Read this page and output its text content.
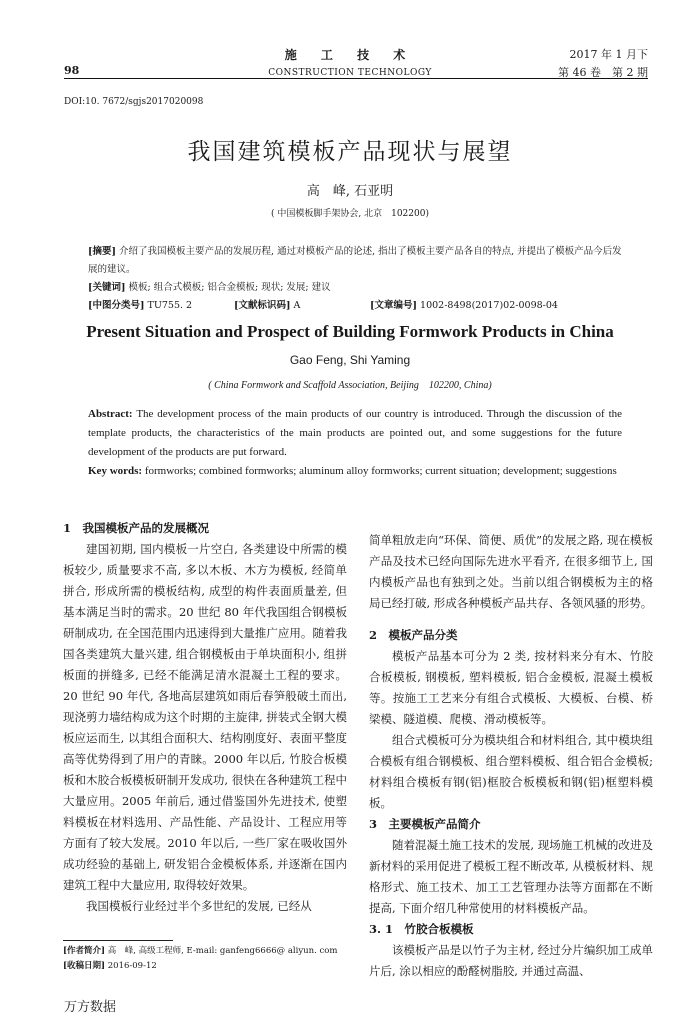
98
施 工 技 术
CONSTRUCTION TECHNOLOGY
2017 年 1 月下
第 46 卷　第 2 期
DOI:10. 7672/sgjs2017020098
我国建筑模板产品现状与展望
高　峰, 石亚明
( 中国模板脚手架协会, 北京　102200)
[摘要] 介绍了我国模板主要产品的发展历程, 通过对模板产品的论述, 指出了模板主要产品各自的特点, 并提出了模板产品今后发展的建议。
[关键词] 模板; 组合式模板; 铝合金模板; 现状; 发展; 建议
[中图分类号] TU755. 2	[文献标识码] A	[文章编号] 1002-8498(2017)02-0098-04
Present Situation and Prospect of Building Formwork Products in China
Gao Feng, Shi Yaming
( China Formwork and Scaffold Association, Beijing　102200, China)
Abstract: The development process of the main products of our country is introduced. Through the discussion of the template products, the characteristics of the main products are pointed out, and some suggestions for the future development of the products are put forward.
Key words: formworks; combined formworks; aluminum alloy formworks; current situation; development; suggestions

1　我国模板产品的发展概况

建国初期, 国内模板一片空白, 各类建设中所需的模板较少, 质量要求不高, 多以木板、木方为模板, 经简单拼合, 形成所需的模板结构, 成型的构件表面质量差, 但基本满足当时的需求。20 世纪 80 年代我国组合钢模板研制成功, 在全国范围内迅速得到大量推广应用。随着我国各类建筑大量兴建, 组合钢模板由于单块面积小, 组拼板面的拼缝多, 已经不能满足清水混凝土工程的要求。20 世纪 90 年代, 各地高层建筑如雨后春笋般破土而出, 现浇剪力墙结构成为这个时期的主旋律, 拼装式全钢大模板应运而生, 以其组合面积大、结构刚度好、表面平整度高等优势得到了用户的青睐。2000 年以后, 竹胶合板模板和木胶合板模板研制开发成功, 很快在各种建筑工程中大量应用。2005 年前后, 通过借鉴国外先进技术, 使塑料模板在材料选用、产品性能、产品设计、工程应用等方面有了较大发展。2010 年以后, 一些厂家在吸收国外成功经验的基础上, 研发铝合金模板体系, 并逐渐在国内建筑工程中大量应用, 取得较好效果。

我国模板行业经过半个多世纪的发展, 已经从

简单粗放走向“环保、简便、质优”的发展之路, 现在模板产品及技术已经向国际先进水平看齐, 在很多细节上, 国内模板产品也有独到之处。当前以组合钢模板为主的格局已经打破, 形成各种模板产品共存、各领风骚的形势。

2　模板产品分类

模板产品基本可分为 2 类, 按材料来分有木、竹胶合板模板, 钢模板, 塑料模板, 铝合金模板, 混凝土模板等。按施工工艺来分有组合式模板、大模板、台模、桥梁模、隧道模、爬模、滑动模板等。

组合式模板可分为模块组合和材料组合, 其中模块组合模板有组合钢模板、组合塑料模板、组合铝合金模板; 材料组合模板有钢(铝)框胶合板模板和钢(铝)框塑料模板。

3　主要模板产品简介

随着混凝土施工技术的发展, 现场施工机械的改进及新材料的采用促进了模板工程不断改革, 从模板材料、规格形式、施工技术、加工工艺管理办法等方面都在不断提高, 下面介绍几种常使用的材料模板产品。

3. 1　竹胶合板模板

该模板产品是以竹子为主材, 经过分片编织加工成单片后, 涂以相应的酚醛树脂胶, 并通过高温、

[作者简介] 高　峰, 高级工程师, E-mail: ganfeng6666@ aliyun. com
[收稿日期] 2016-09-12
万方数据
